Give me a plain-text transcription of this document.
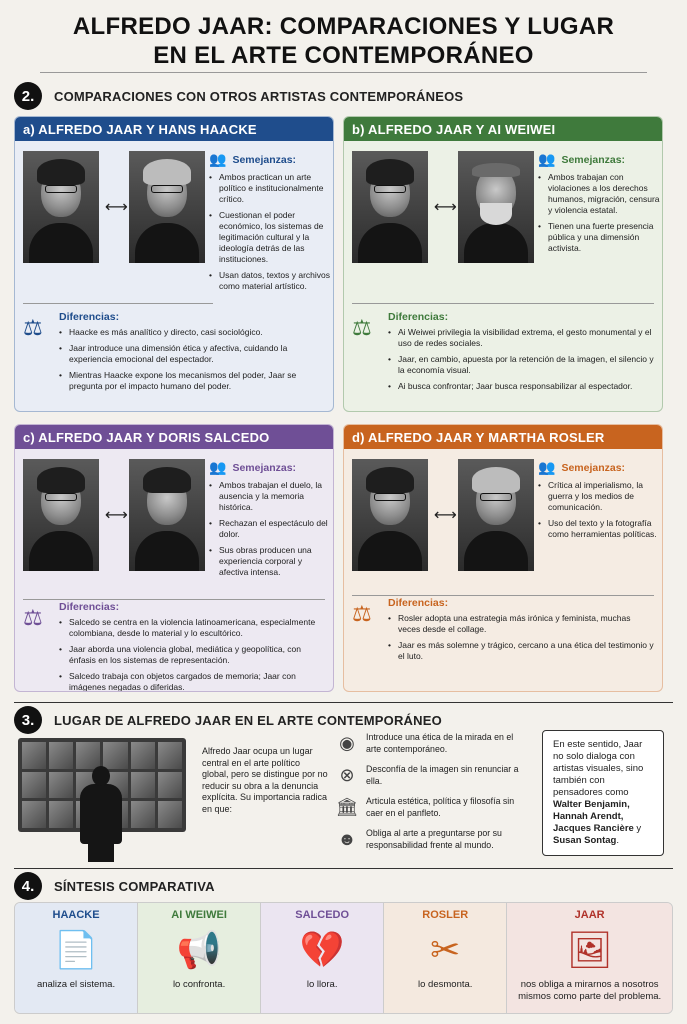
ALFREDO JAAR: COMPARACIONES Y LUGAR
EN EL ARTE CONTEMPORÁNEO
2.	COMPARACIONES CON OTROS ARTISTAS CONTEMPORÁNEOS
a) ALFREDO JAAR Y HANS HAACKE
⟷
👥 Semejanzas:
• Ambos practican un arte político e institucionalmente crítico.
• Cuestionan el poder económico, los sistemas de legitimación cultural y la ideología detrás de las instituciones.
• Usan datos, textos y archivos como material artístico.
⚖ Diferencias:
• Haacke es más analítico y directo, casi sociológico.
• Jaar introduce una dimensión ética y afectiva, cuidando la experiencia emocional del espectador.
• Mientras Haacke expone los mecanismos del poder, Jaar se pregunta por el impacto humano del poder.
b) ALFREDO JAAR Y AI WEIWEI
⟷
👥 Semejanzas:
• Ambos trabajan con violaciones a los derechos humanos, migración, censura y violencia estatal.
• Tienen una fuerte presencia pública y una dimensión activista.
⚖ Diferencias:
• Ai Weiwei privilegia la visibilidad extrema, el gesto monumental y el uso de redes sociales.
• Jaar, en cambio, apuesta por la retención de la imagen, el silencio y la economía visual.
• Ai busca confrontar; Jaar busca responsabilizar al espectador.
c) ALFREDO JAAR Y DORIS SALCEDO
⟷
👥 Semejanzas:
• Ambos trabajan el duelo, la ausencia y la memoria histórica.
• Rechazan el espectáculo del dolor.
• Sus obras producen una experiencia corporal y afectiva intensa.
⚖ Diferencias:
• Salcedo se centra en la violencia latinoamericana, especialmente colombiana, desde lo material y lo escultórico.
• Jaar aborda una violencia global, mediática y geopolítica, con énfasis en los sistemas de representación.
• Salcedo trabaja con objetos cargados de memoria; Jaar con imágenes negadas o diferidas.
d) ALFREDO JAAR Y MARTHA ROSLER
⟷
👥 Semejanzas:
• Crítica al imperialismo, la guerra y los medios de comunicación.
• Uso del texto y la fotografía como herramientas políticas.
⚖ Diferencias:
• Rosler adopta una estrategia más irónica y feminista, muchas veces desde el collage.
• Jaar es más solemne y trágico, cercano a una ética del testimonio y el luto.
3.	LUGAR DE ALFREDO JAAR EN EL ARTE CONTEMPORÁNEO
Alfredo Jaar ocupa un lugar central en el arte político global, pero se distingue por no reducir su obra a la denuncia explícita. Su importancia radica en que:
◉	Introduce una ética de la mirada en el arte contemporáneo.
⊗	Desconfía de la imagen sin renunciar a ella.
🏛 Articula estética, política y filosofía sin caer en el panfleto.
☻ Obliga al arte a preguntarse por su responsabilidad frente al mundo.
En este sentido, Jaar no solo dialoga con artistas visuales, sino también con pensadores como Walter Benjamin, Hannah Arendt, Jacques Rancière y Susan Sontag.
4.	SÍNTESIS COMPARATIVA
HAACKE
📄
analiza el sistema.
AI WEIWEI
📢
lo confronta.
SALCEDO
💔
lo llora.
ROSLER
✂
lo desmonta.
JAAR
🖼
nos obliga a mirarnos a nosotros mismos como parte del problema.
